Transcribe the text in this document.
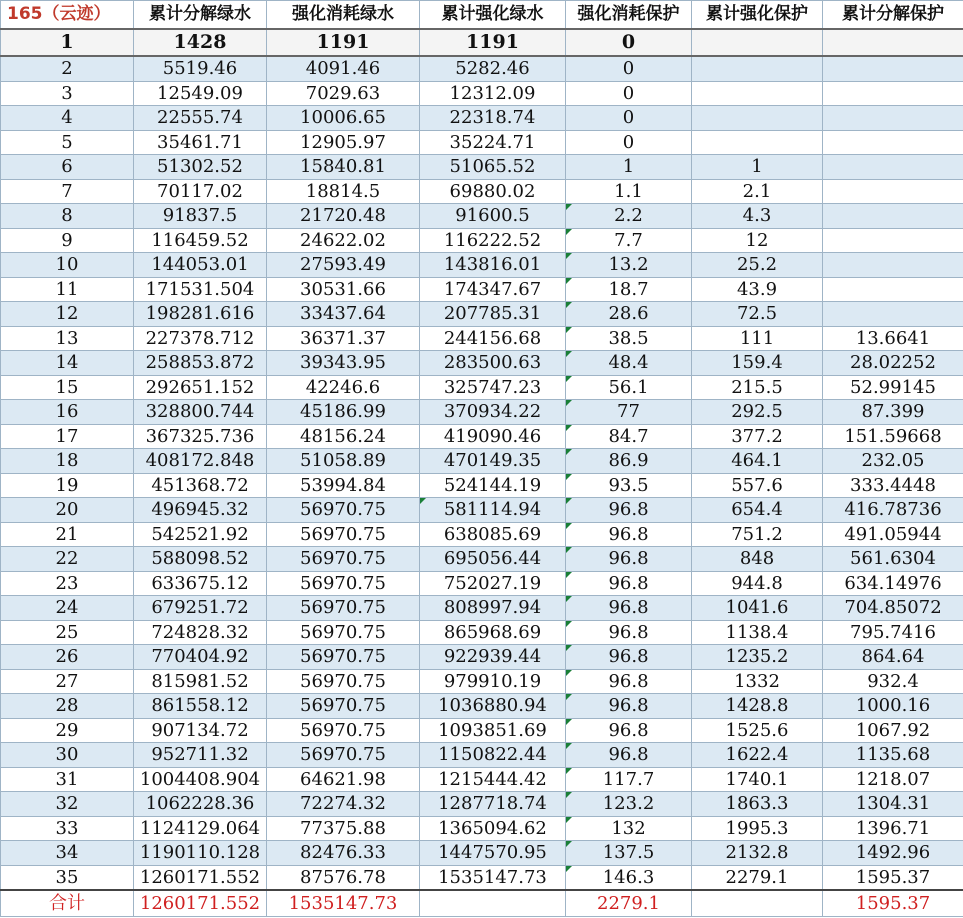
165（云迹）	累计分解绿水	强化消耗绿水	累计强化绿水	强化消耗保护	累计强化保护	累计分解保护
1	1428	1191	1191	0		
2	5519.46	4091.46	5282.46	0		
3	12549.09	7029.63	12312.09	0		
4	22555.74	10006.65	22318.74	0		
5	35461.71	12905.97	35224.71	0		
6	51302.52	15840.81	51065.52	1	1	
7	70117.02	18814.5	69880.02	1.1	2.1	
8	91837.5	21720.48	91600.5	2.2	4.3	
9	116459.52	24622.02	116222.52	7.7	12	
10	144053.01	27593.49	143816.01	13.2	25.2	
11	171531.504	30531.66	174347.67	18.7	43.9	
12	198281.616	33437.64	207785.31	28.6	72.5	
13	227378.712	36371.37	244156.68	38.5	111	13.6641
14	258853.872	39343.95	283500.63	48.4	159.4	28.02252
15	292651.152	42246.6	325747.23	56.1	215.5	52.99145
16	328800.744	45186.99	370934.22	77	292.5	87.399
17	367325.736	48156.24	419090.46	84.7	377.2	151.59668
18	408172.848	51058.89	470149.35	86.9	464.1	232.05
19	451368.72	53994.84	524144.19	93.5	557.6	333.4448
20	496945.32	56970.75	581114.94	96.8	654.4	416.78736
21	542521.92	56970.75	638085.69	96.8	751.2	491.05944
22	588098.52	56970.75	695056.44	96.8	848	561.6304
23	633675.12	56970.75	752027.19	96.8	944.8	634.14976
24	679251.72	56970.75	808997.94	96.8	1041.6	704.85072
25	724828.32	56970.75	865968.69	96.8	1138.4	795.7416
26	770404.92	56970.75	922939.44	96.8	1235.2	864.64
27	815981.52	56970.75	979910.19	96.8	1332	932.4
28	861558.12	56970.75	1036880.94	96.8	1428.8	1000.16
29	907134.72	56970.75	1093851.69	96.8	1525.6	1067.92
30	952711.32	56970.75	1150822.44	96.8	1622.4	1135.68
31	1004408.904	64621.98	1215444.42	117.7	1740.1	1218.07
32	1062228.36	72274.32	1287718.74	123.2	1863.3	1304.31
33	1124129.064	77375.88	1365094.62	132	1995.3	1396.71
34	1190110.128	82476.33	1447570.95	137.5	2132.8	1492.96
35	1260171.552	87576.78	1535147.73	146.3	2279.1	1595.37
合计	1260171.552	1535147.73		2279.1		1595.37
